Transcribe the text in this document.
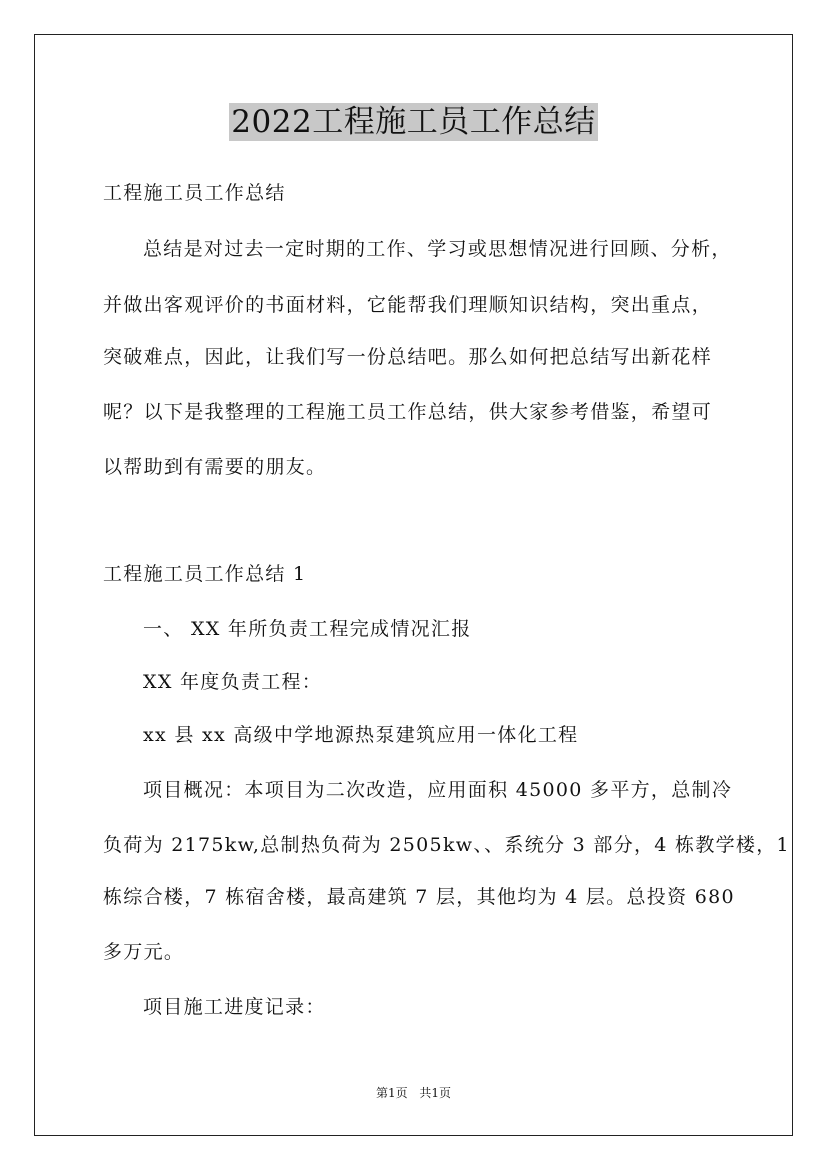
2022工程施工员工作总结
工程施工员工作总结
总结是对过去一定时期的工作、学习或思想情况进行回顾、分析，
并做出客观评价的书面材料，它能帮我们理顺知识结构，突出重点，
突破难点，因此，让我们写一份总结吧。那么如何把总结写出新花样
呢？以下是我整理的工程施工员工作总结，供大家参考借鉴，希望可
以帮助到有需要的朋友。
工程施工员工作总结 1
一、 XX 年所负责工程完成情况汇报
XX 年度负责工程：
xx 县 xx 高级中学地源热泵建筑应用一体化工程
项目概况：本项目为二次改造，应用面积 45000 多平方，总制冷
负荷为 2175kw,总制热负荷为 2505kw、、系统分 3 部分，4 栋教学楼，1
栋综合楼，7 栋宿舍楼，最高建筑 7 层，其他均为 4 层。总投资 680
多万元。
项目施工进度记录：
第1页 共1页
